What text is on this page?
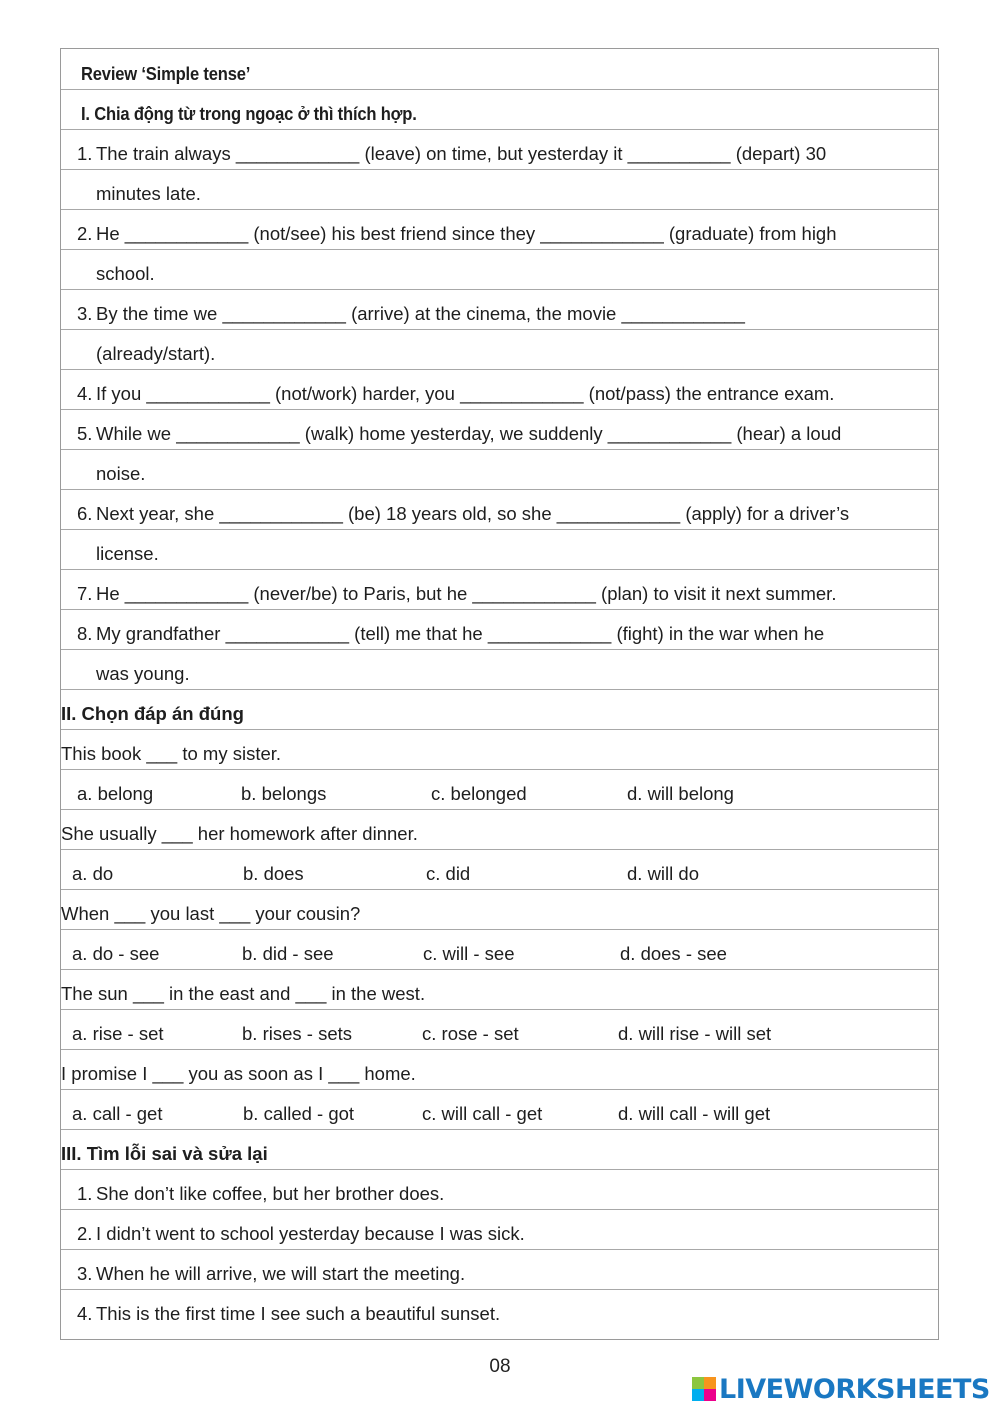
Review ‘Simple tense’
I. Chia động từ trong ngoạc ở thì thích hợp.
1. The train always ____________ (leave) on time, but yesterday it __________ (depart) 30
minutes late.
2. He ____________ (not/see) his best friend since they ____________ (graduate) from high
school.
3. By the time we ____________ (arrive) at the cinema, the movie ____________
(already/start).
4. If you ____________ (not/work) harder, you ____________ (not/pass) the entrance exam.
5. While we ____________ (walk) home yesterday, we suddenly ____________ (hear) a loud
noise.
6. Next year, she ____________ (be) 18 years old, so she ____________ (apply) for a driver’s
license.
7. He ____________ (never/be) to Paris, but he ____________ (plan) to visit it next summer.
8. My grandfather ____________ (tell) me that he ____________ (fight) in the war when he
was young.
II. Chọn đáp án đúng
This book ___ to my sister.
a. belong	b. belongs	c. belonged	d. will belong
She usually ___ her homework after dinner.
a. do	b. does	c. did	d. will do
When ___ you last ___ your cousin?
a. do - see	b. did - see	c. will - see	d. does - see
The sun ___ in the east and ___ in the west.
a. rise - set	b. rises - sets	c. rose - set	d. will rise - will set
I promise I ___ you as soon as I ___ home.
a. call - get	b. called - got	c. will call - get	d. will call - will get
III. Tìm lỗi sai và sửa lại
1. She don’t like coffee, but her brother does.
2. I didn’t went to school yesterday because I was sick.
3. When he will arrive, we will start the meeting.
4. This is the first time I see such a beautiful sunset.
08
LIVEWORKSHEETS
